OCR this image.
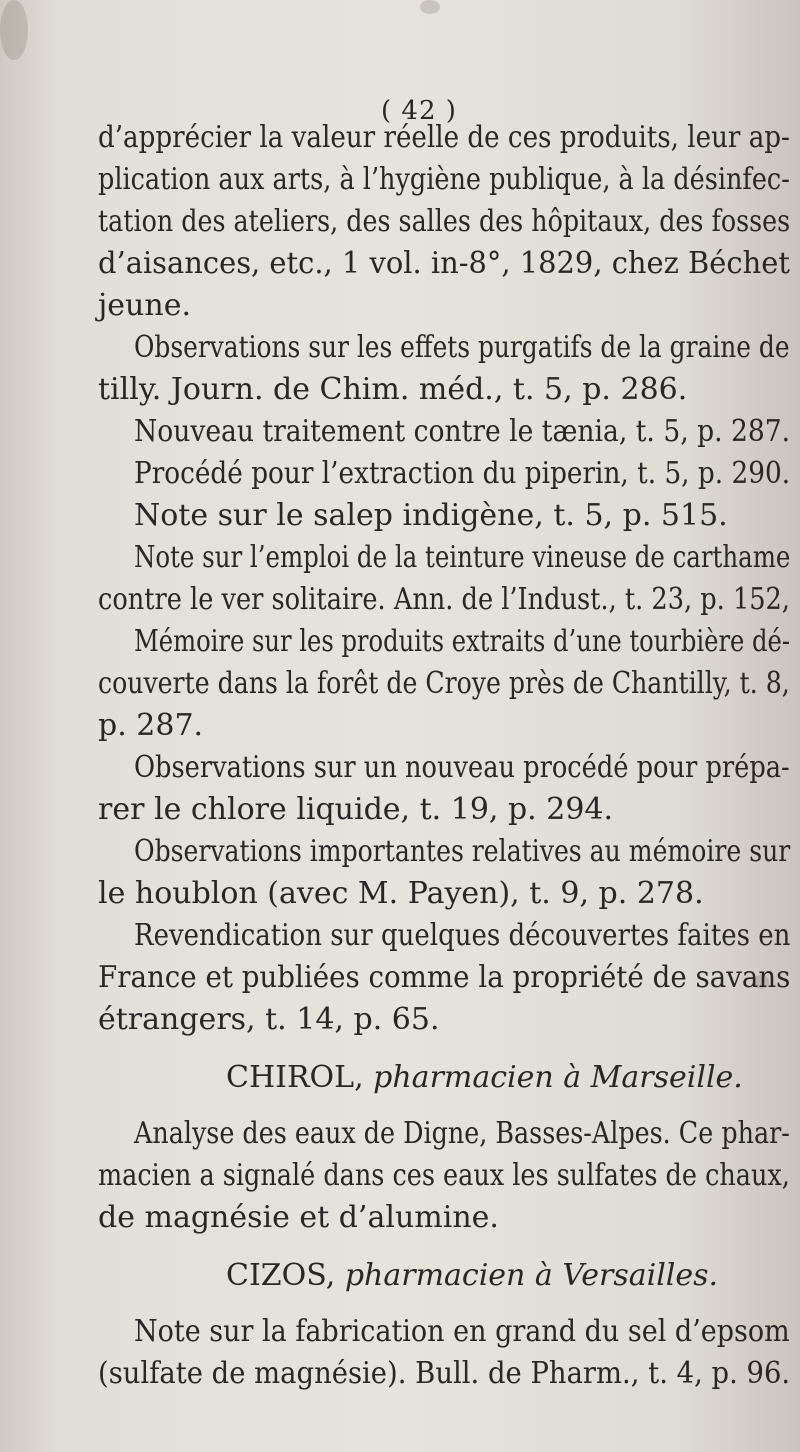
( 42 )
d’apprécier la valeur réelle de ces produits, leur ap-
plication aux arts, à l’hygiène publique, à la désinfec-
tation des ateliers, des salles des hôpitaux, des fosses
d’aisances, etc., 1 vol. in-8°, 1829, chez Béchet
jeune.
Observations sur les effets purgatifs de la graine de
tilly. Journ. de Chim. méd., t. 5, p. 286.
Nouveau traitement contre le tænia, t. 5, p. 287.
Procédé pour l’extraction du piperin, t. 5, p. 290.
Note sur le salep indigène, t. 5, p. 515.
Note sur l’emploi de la teinture vineuse de carthame
contre le ver solitaire. Ann. de l’Indust., t. 23, p. 152,
Mémoire sur les produits extraits d’une tourbière dé-
couverte dans la forêt de Croye près de Chantilly, t. 8,
p. 287.
Observations sur un nouveau procédé pour prépa-
rer le chlore liquide, t. 19, p. 294.
Observations importantes relatives au mémoire sur
le houblon (avec M. Payen), t. 9, p. 278.
Revendication sur quelques découvertes faites en
France et publiées comme la propriété de savans
étrangers, t. 14, p. 65.
CHIROL, pharmacien à Marseille.
Analyse des eaux de Digne, Basses-Alpes. Ce phar-
macien a signalé dans ces eaux les sulfates de chaux,
de magnésie et d’alumine.
CIZOS, pharmacien à Versailles.
Note sur la fabrication en grand du sel d’epsom
(sulfate de magnésie). Bull. de Pharm., t. 4, p. 96.
